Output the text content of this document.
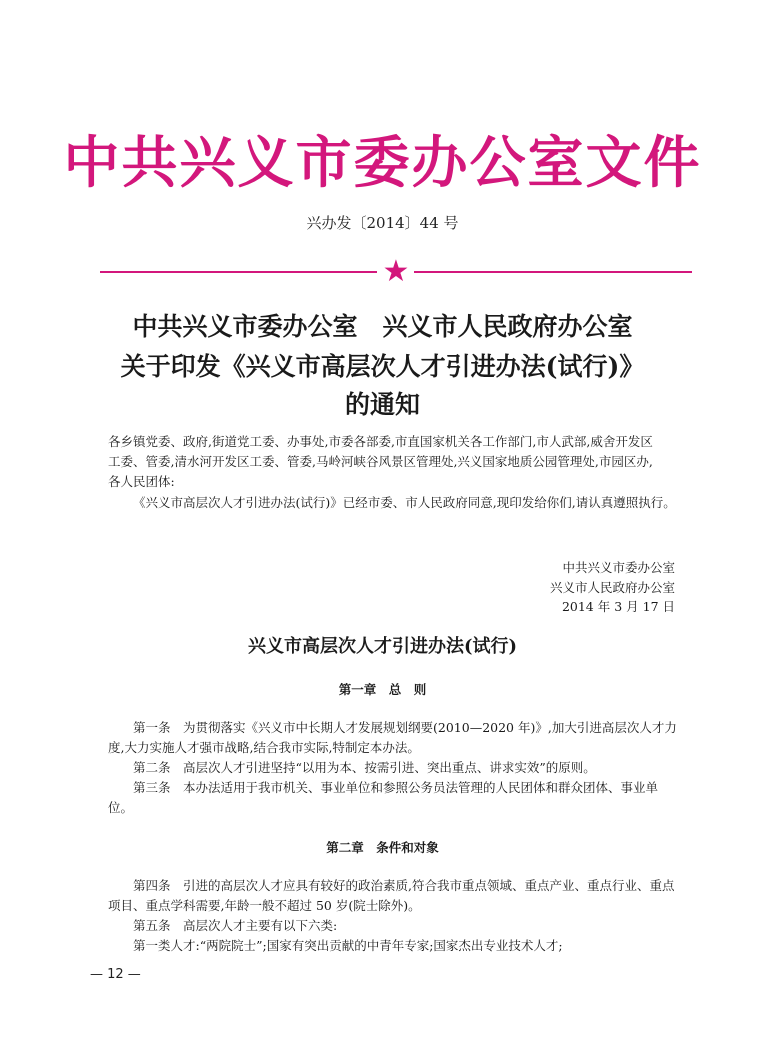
中共兴义市委办公室文件
兴办发〔2014〕44 号
★
中共兴义市委办公室　兴义市人民政府办公室
关于印发《兴义市高层次人才引进办法(试行)》
的通知
各乡镇党委、政府,街道党工委、办事处,市委各部委,市直国家机关各工作部门,市人武部,威舍开发区
工委、管委,清水河开发区工委、管委,马岭河峡谷风景区管理处,兴义国家地质公园管理处,市园区办,
各人民团体:
《兴义市高层次人才引进办法(试行)》已经市委、市人民政府同意,现印发给你们,请认真遵照执行。
中共兴义市委办公室
兴义市人民政府办公室
2014 年 3 月 17 日
兴义市高层次人才引进办法(试行)
第一章　总　则
第一条　为贯彻落实《兴义市中长期人才发展规划纲要(2010—2020 年)》,加大引进高层次人才力
度,大力实施人才强市战略,结合我市实际,特制定本办法。
第二条　高层次人才引进坚持“以用为本、按需引进、突出重点、讲求实效”的原则。
第三条　本办法适用于我市机关、事业单位和参照公务员法管理的人民团体和群众团体、事业单
位。
第二章　条件和对象
第四条　引进的高层次人才应具有较好的政治素质,符合我市重点领域、重点产业、重点行业、重点
项目、重点学科需要,年龄一般不超过 50 岁(院士除外)。
第五条　高层次人才主要有以下六类:
第一类人才:“两院院士”;国家有突出贡献的中青年专家;国家杰出专业技术人才;
— 12 —
